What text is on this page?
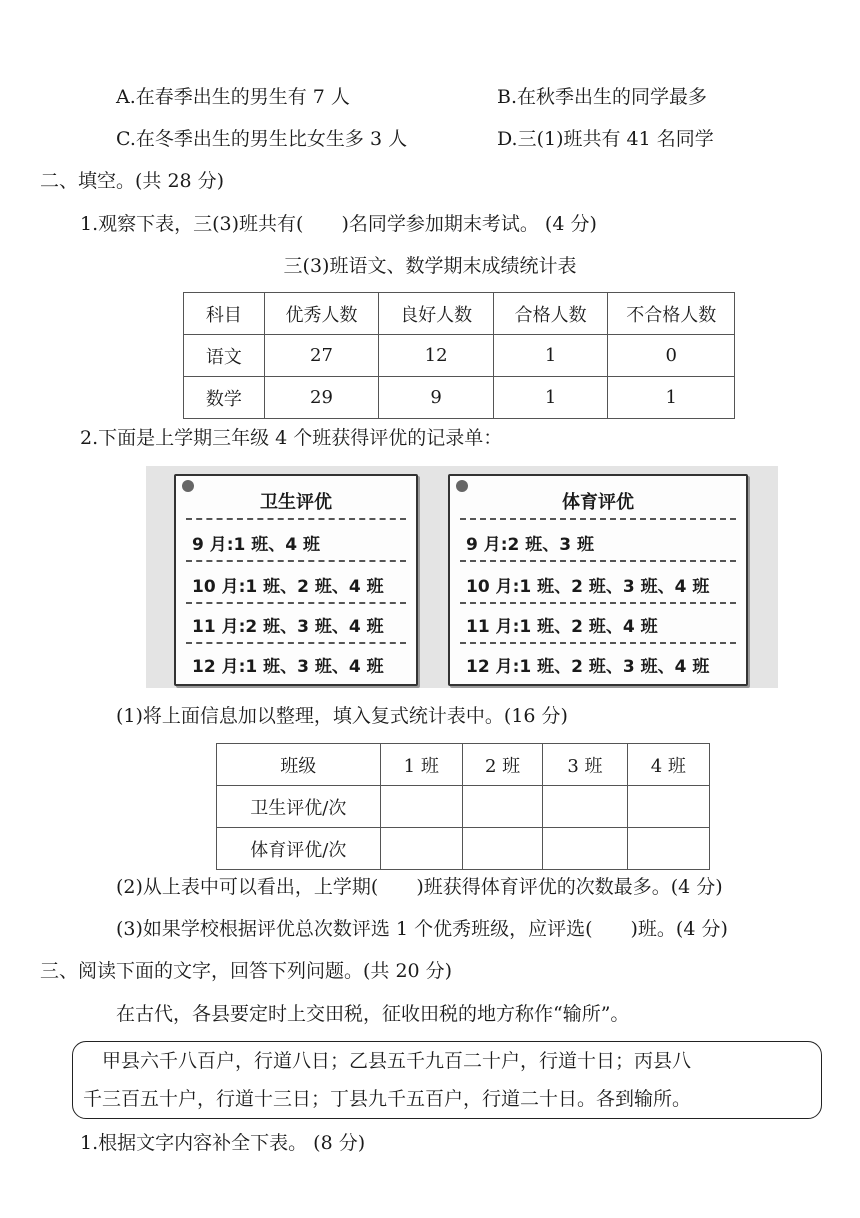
A.在春季出生的男生有 7 人	B.在秋季出生的同学最多
C.在冬季出生的男生比女生多 3 人	D.三(1)班共有 41 名同学
二、填空。(共 28 分)
1.观察下表，三(3)班共有(　　)名同学参加期末考试。 (4 分)
三(3)班语文、数学期末成绩统计表
科目	优秀人数	良好人数	合格人数	不合格人数
语文	27	12	1	0
数学	29	9	1	1
2.下面是上学期三年级 4 个班获得评优的记录单：
卫生评优
9 月:1 班、4 班
10 月:1 班、2 班、4 班
11 月:2 班、3 班、4 班
12 月:1 班、3 班、4 班
体育评优
9 月:2 班、3 班
10 月:1 班、2 班、3 班、4 班
11 月:1 班、2 班、4 班
12 月:1 班、2 班、3 班、4 班
(1)将上面信息加以整理，填入复式统计表中。(16 分)
班级	1 班	2 班	3 班	4 班
卫生评优/次				
体育评优/次				
(2)从上表中可以看出，上学期(　　)班获得体育评优的次数最多。(4 分)
(3)如果学校根据评优总次数评选 1 个优秀班级，应评选(　　)班。(4 分)
三、阅读下面的文字，回答下列问题。(共 20 分)
在古代，各县要定时上交田税，征收田税的地方称作“输所”。
　甲县六千八百户，行道八日；乙县五千九百二十户，行道十日；丙县八
千三百五十户，行道十三日；丁县九千五百户，行道二十日。各到输所。
1.根据文字内容补全下表。 (8 分)
